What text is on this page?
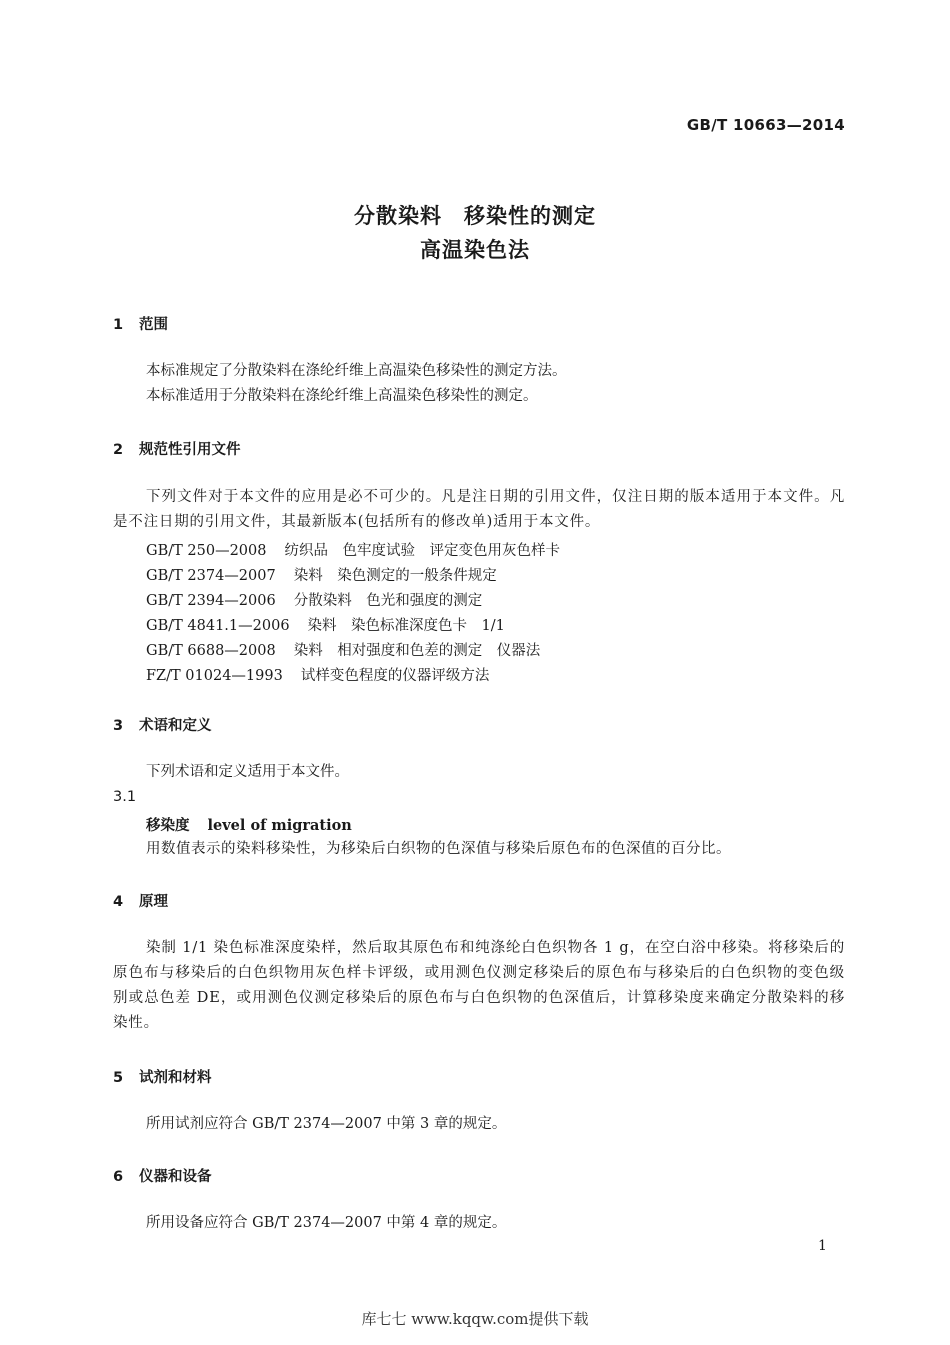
GB/T 10663—2014
分散染料　移染性的测定
高温染色法
1 范围
本标准规定了分散染料在涤纶纤维上高温染色移染性的测定方法。
本标准适用于分散染料在涤纶纤维上高温染色移染性的测定。
2 规范性引用文件
下列文件对于本文件的应用是必不可少的。凡是注日期的引用文件，仅注日期的版本适用于本文件。凡是不注日期的引用文件，其最新版本(包括所有的修改单)适用于本文件。
GB/T 250—2008 纺织品　色牢度试验　评定变色用灰色样卡
GB/T 2374—2007 染料　染色测定的一般条件规定
GB/T 2394—2006 分散染料　色光和强度的测定
GB/T 4841.1—2006 染料　染色标准深度色卡　1/1
GB/T 6688—2008 染料　相对强度和色差的测定　仪器法
FZ/T 01024—1993 试样变色程度的仪器评级方法
3 术语和定义
下列术语和定义适用于本文件。
3.1
移染度 level of migration
用数值表示的染料移染性，为移染后白织物的色深值与移染后原色布的色深值的百分比。
4 原理
染制 1/1 染色标准深度染样，然后取其原色布和纯涤纶白色织物各 1 g，在空白浴中移染。将移染后的原色布与移染后的白色织物用灰色样卡评级，或用测色仪测定移染后的原色布与移染后的白色织物的变色级别或总色差 DE，或用测色仪测定移染后的原色布与白色织物的色深值后，计算移染度来确定分散染料的移染性。
5 试剂和材料
所用试剂应符合 GB/T 2374—2007 中第 3 章的规定。
6 仪器和设备
所用设备应符合 GB/T 2374—2007 中第 4 章的规定。
1
库七七 www.kqqw.com提供下载
